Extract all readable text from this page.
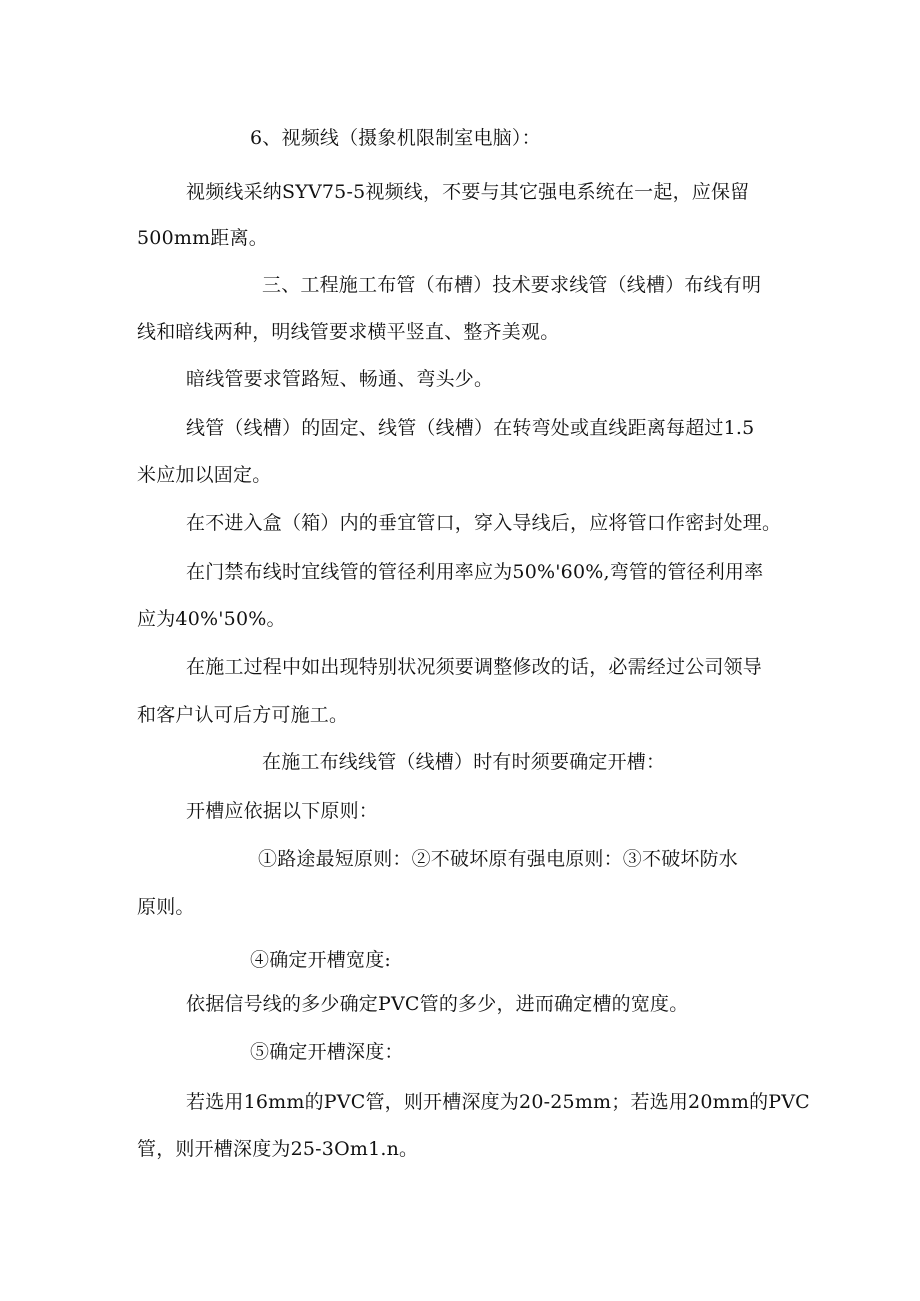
6、视频线（摄象机限制室电脑）：
视频线采纳SYV75-5视频线，不要与其它强电系统在一起，应保留
500mm距离。
三、工程施工布管（布槽）技术要求线管（线槽）布线有明
线和暗线两种，明线管要求横平竖直、整齐美观。
暗线管要求管路短、畅通、弯头少。
线管（线槽）的固定、线管（线槽）在转弯处或直线距离每超过1.5
米应加以固定。
在不进入盒（箱）内的垂宜管口，穿入导线后，应将管口作密封处理。
在门禁布线时宜线管的管径利用率应为50%'60%,弯管的管径利用率
应为40%'50%。
在施工过程中如出现特别状况须要调整修改的话，必需经过公司领导
和客户认可后方可施工。
在施工布线线管（线槽）时有时须要确定开槽：
开槽应依据以下原则：
①路途最短原则：②不破坏原有强电原则：③不破坏防水
原则。
④确定开槽宽度:
依据信号线的多少确定PVC管的多少，进而确定槽的宽度。
⑤确定开槽深度：
若选用16mm的PVC管，则开槽深度为20-25mm；若选用20mm的PVC
管，则开槽深度为25-3Om1.n。
